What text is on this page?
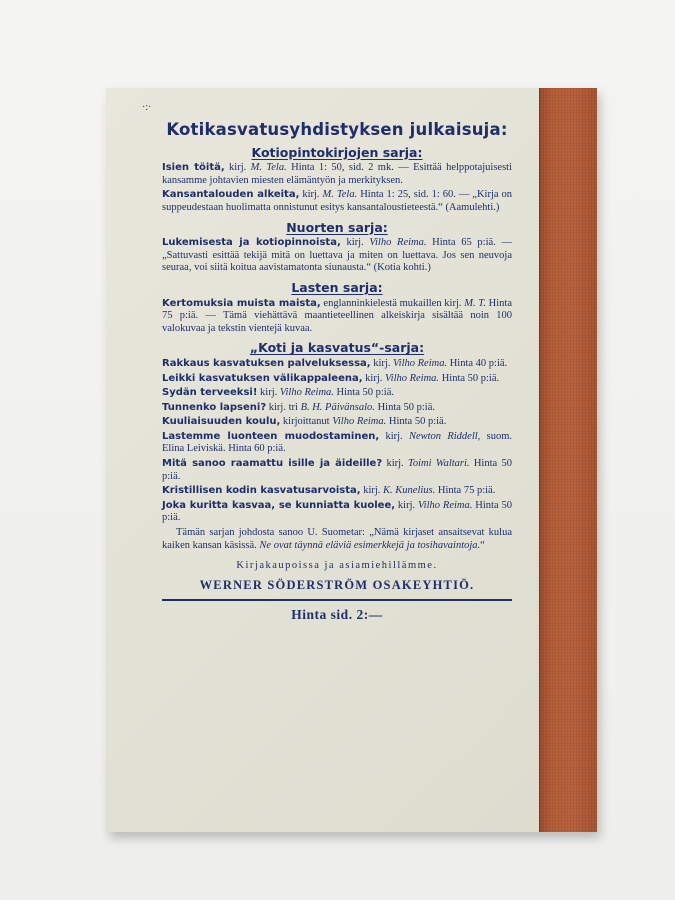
·:·
Kotikasvatusyhdistyksen julkaisuja:
Kotiopintokirjojen sarja:
Isien töitä, kirj. M. Tela. Hinta 1: 50, sid. 2 mk. — Esittää helppotajuisesti kansamme johtavien miesten elämäntyön ja merkityksen.
Kansantalouden alkeita, kirj. M. Tela. Hinta 1: 25, sid. 1: 60. — „Kirja on suppeudestaan huolimatta onnistunut esitys kansantaloustieteestä.“ (Aamulehti.)
Nuorten sarja:
Lukemisesta ja kotiopinnoista, kirj. Vilho Reima. Hinta 65 p:iä. — „Sattuvasti esittää tekijä mitä on luettava ja miten on luettava. Jos sen neuvoja seuraa, voi siitä koitua aavistamatonta siunausta.“ (Kotia kohti.)
Lasten sarja:
Kertomuksia muista maista, englanninkielestä mukaillen kirj. M. T. Hinta 75 p:iä. — Tämä viehättävä maantieteellinen alkeiskirja sisältää noin 100 valokuvaa ja tekstin vientejä kuvaa.
„Koti ja kasvatus“-sarja:
Rakkaus kasvatuksen palveluksessa, kirj. Vilho Reima. Hinta 40 p:iä.
Leikki kasvatuksen välikappaleena, kirj. Vilho Reima. Hinta 50 p:iä.
Sydän terveeksi! kirj. Vilho Reima. Hinta 50 p:iä.
Tunnenko lapseni? kirj. tri B. H. Päivänsalo. Hinta 50 p:iä.
Kuuliaisuuden koulu, kirjoittanut Vilho Reima. Hinta 50 p:iä.
Lastemme luonteen muodostaminen, kirj. Newton Riddell, suom. Elina Leiviskä. Hinta 60 p:iä.
Mitä sanoo raamattu isille ja äideille? kirj. Toimi Waltari. Hinta 50 p:iä.
Kristillisen kodin kasvatusarvoista, kirj. K. Kunelius. Hinta 75 p:iä.
Joka kuritta kasvaa, se kunniatta kuolee, kirj. Vilho Reima. Hinta 50 p:iä.
Tämän sarjan johdosta sanoo U. Suometar: „Nämä kirjaset ansaitsevat kulua kaiken kansan käsissä. Ne ovat täynnä eläviä esimerkkejä ja tosihavaintoja.“
Kirjakaupoissa ja asiamiehillämme.
WERNER SÖDERSTRÖM OSAKEYHTIÖ.
Hinta sid. 2:—
